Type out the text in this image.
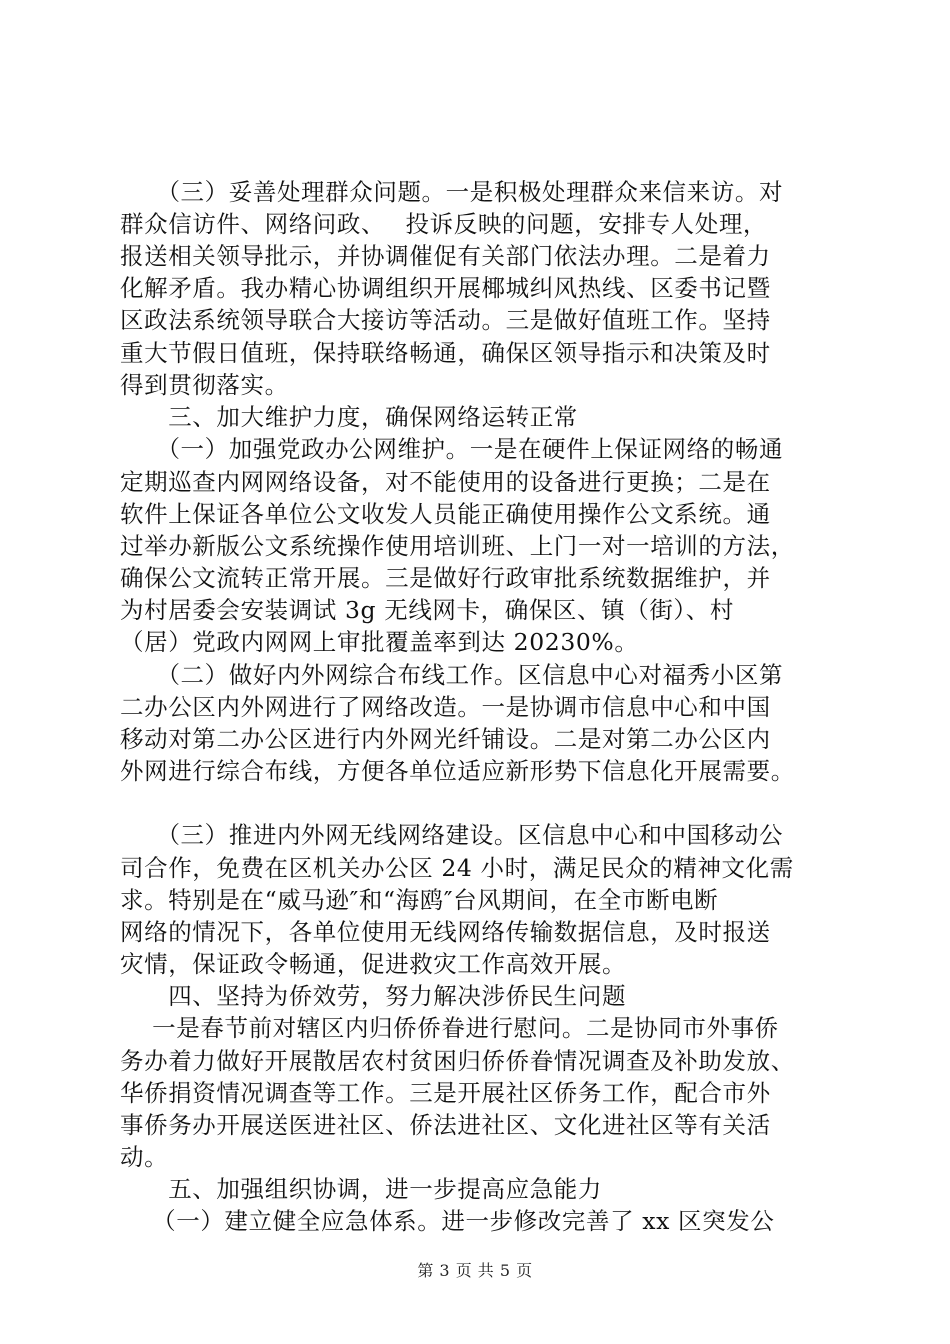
　　（三）妥善处理群众问题。一是积极处理群众来信来访。对
群众信访件、网络问政、　 投诉反映的问题，安排专人处理，
报送相关领导批示，并协调催促有关部门依法办理。二是着力
化解矛盾。我办精心协调组织开展椰城纠风热线、区委书记暨
区政法系统领导联合大接访等活动。三是做好值班工作。坚持
重大节假日值班，保持联络畅通，确保区领导指示和决策及时
得到贯彻落实。
　　三、加大维护力度，确保网络运转正常
　　（一）加强党政办公网维护。一是在硬件上保证网络的畅通
定期巡查内网网络设备，对不能使用的设备进行更换；二是在
软件上保证各单位公文收发人员能正确使用操作公文系统。通
过举办新版公文系统操作使用培训班、上门一对一培训的方法，
确保公文流转正常开展。三是做好行政审批系统数据维护，并
为村居委会安装调试 3g 无线网卡，确保区、镇（街）、村
（居）党政内网网上审批覆盖率到达 20230%。
　　（二）做好内外网综合布线工作。区信息中心对福秀小区第
二办公区内外网进行了网络改造。一是协调市信息中心和中国
移动对第二办公区进行内外网光纤铺设。二是对第二办公区内
外网进行综合布线，方便各单位适应新形势下信息化开展需要。
　　（三）推进内外网无线网络建设。区信息中心和中国移动公
司合作，免费在区机关办公区 24 小时，满足民众的精神文化需
求。特别是在“威马逊″和“海鸥″台风期间，在全市断电断
网络的情况下，各单位使用无线网络传输数据信息，及时报送
灾情，保证政令畅通，促进救灾工作高效开展。
　　四、坚持为侨效劳，努力解决涉侨民生问题
　 一是春节前对辖区内归侨侨眷进行慰问。二是协同市外事侨
务办着力做好开展散居农村贫困归侨侨眷情况调查及补助发放、
华侨捐资情况调查等工作。三是开展社区侨务工作，配合市外
事侨务办开展送医进社区、侨法进社区、文化进社区等有关活
动。
　　五、加强组织协调，进一步提高应急能力
　 （一）建立健全应急体系。进一步修改完善了 xx 区突发公
第 3 页 共 5 页
